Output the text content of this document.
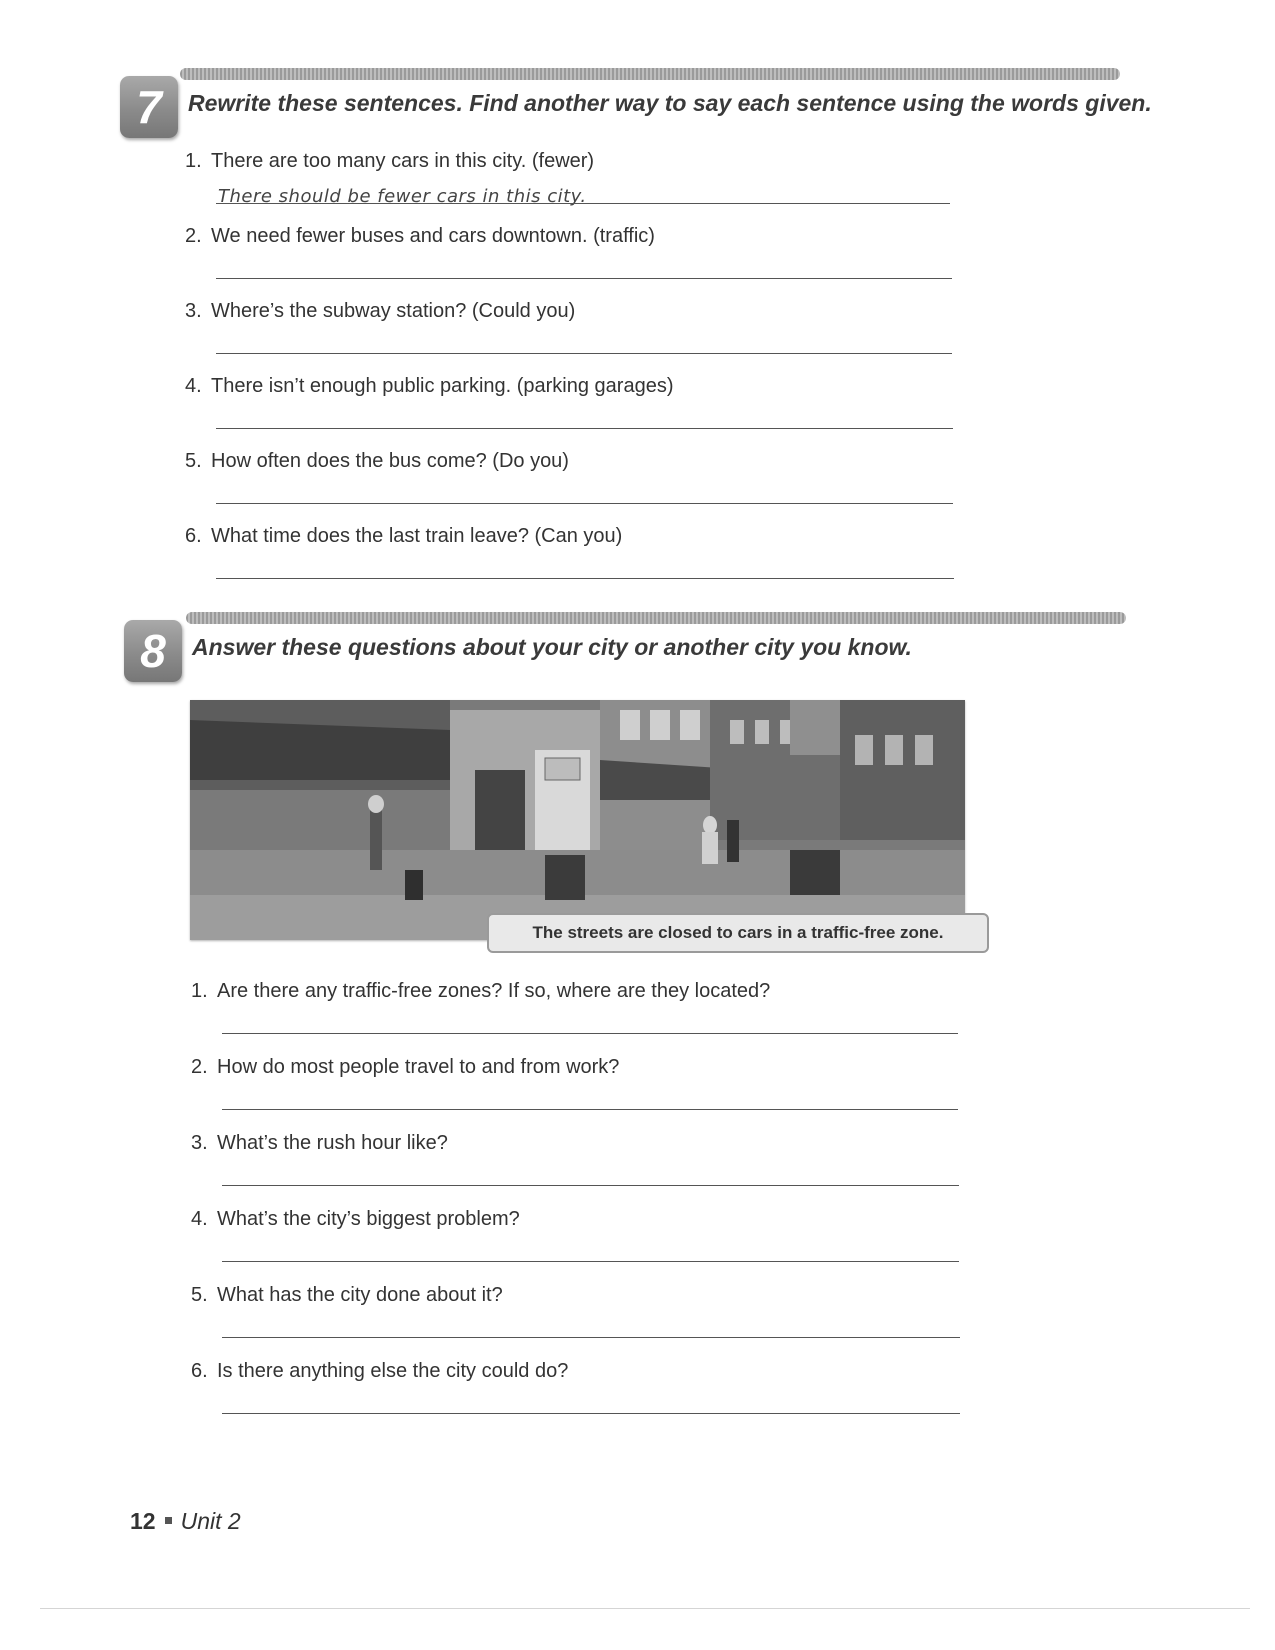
7	Rewrite these sentences. Find another way to say each sentence using the words given.
1. There are too many cars in this city. (fewer)
There should be fewer cars in this city.
2. We need fewer buses and cars downtown. (traffic)
3. Where’s the subway station? (Could you)
4. There isn’t enough public parking. (parking garages)
5. How often does the bus come? (Do you)
6. What time does the last train leave? (Can you)
8	Answer these questions about your city or another city you know.
The streets are closed to cars in a traffic-free zone.
1. Are there any traffic-free zones? If so, where are they located?
2. How do most people travel to and from work?
3. What’s the rush hour like?
4. What’s the city’s biggest problem?
5. What has the city done about it?
6. Is there anything else the city could do?
12 Unit 2
